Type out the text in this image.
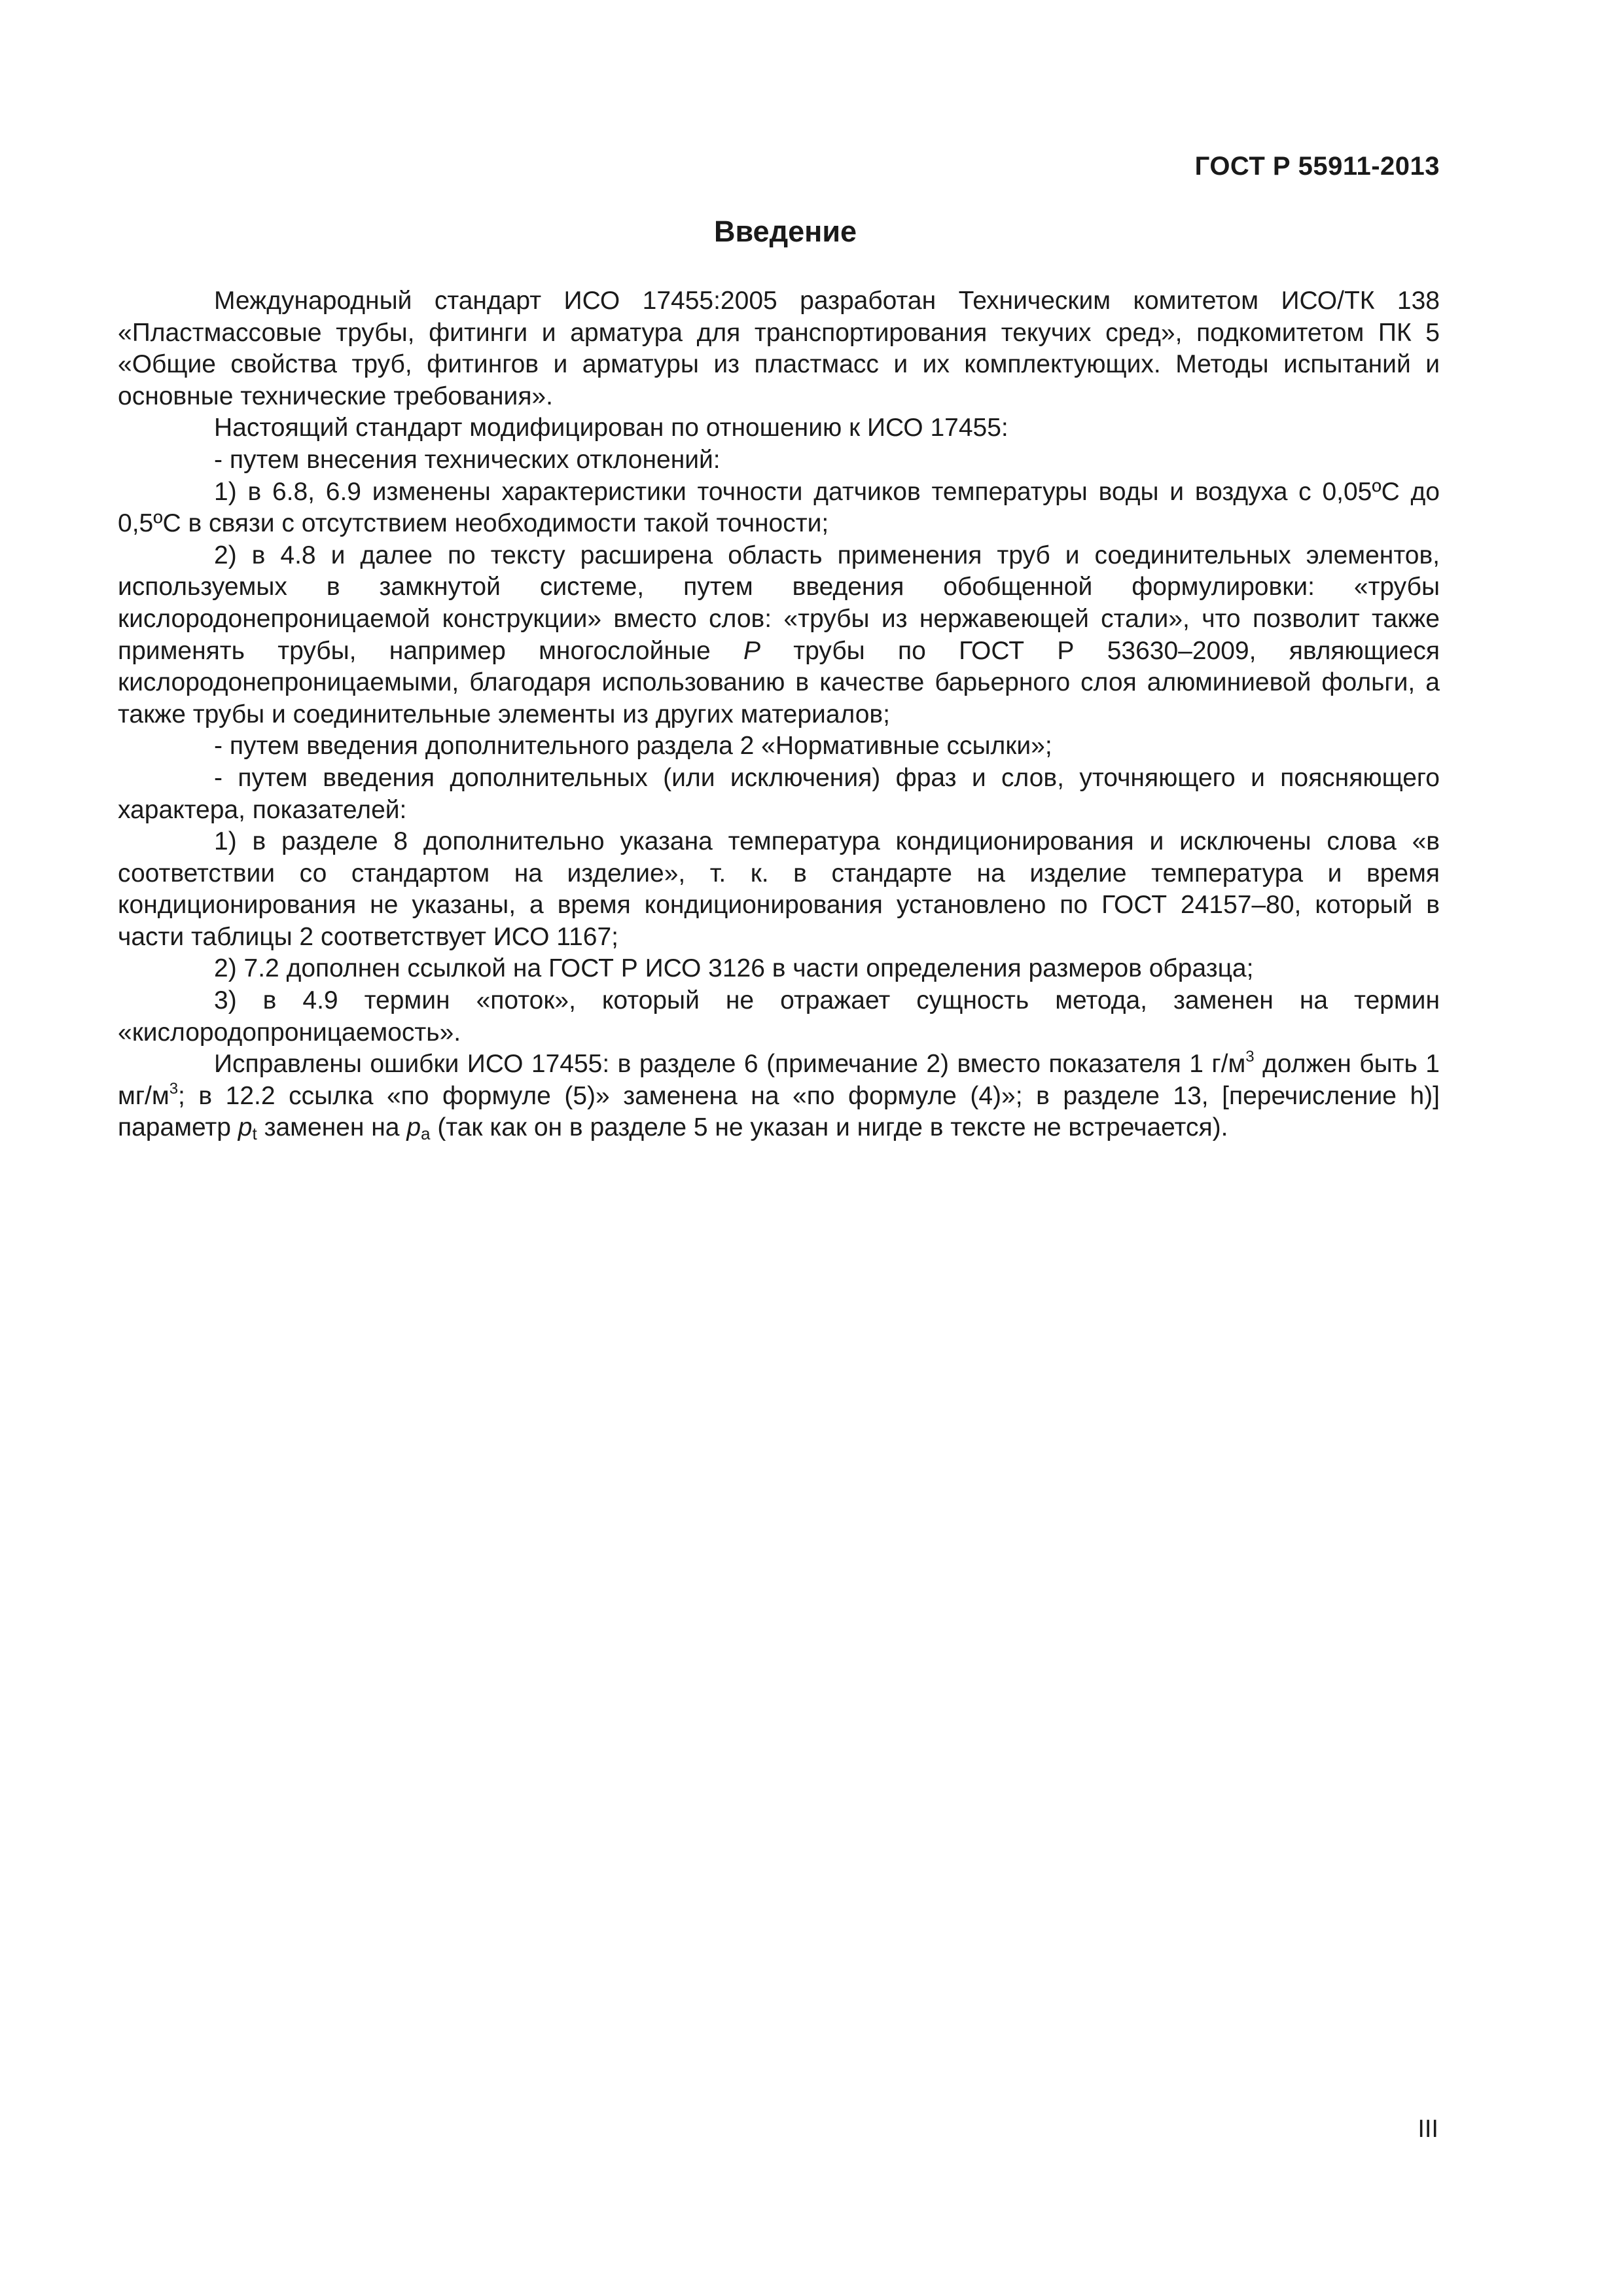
ГОСТ Р 55911-2013
Введение

Международный стандарт ИСО 17455:2005 разработан Техническим комитетом ИСО/ТК 138 «Пластмассовые трубы, фитинги и арматура для транспортирования текучих сред», подкомитетом ПК 5 «Общие свойства труб, фитингов и арматуры из пластмасс и их комплектующих. Методы испытаний и основные технические требования».

Настоящий стандарт модифицирован по отношению к ИСО 17455:

- путем внесения технических отклонений:

1) в 6.8, 6.9 изменены характеристики точности датчиков температуры воды и воздуха с 0,05ºС до 0,5ºС в связи с отсутствием необходимости такой точности;

2) в 4.8 и далее по тексту расширена область применения труб и соединительных элементов, используемых в замкнутой системе, путем введения обобщенной формулировки: «трубы кислородонепроницаемой конструкции» вместо слов: «трубы из нержавеющей стали», что позволит также применять трубы, например многослойные Р трубы по ГОСТ Р 53630–2009, являющиеся кислородонепроницаемыми, благодаря использованию в качестве барьерного слоя алюминиевой фольги, а также трубы и соединительные элементы из других материалов;

- путем введения дополнительного раздела 2 «Нормативные ссылки»;

- путем введения дополнительных (или исключения) фраз и слов, уточняющего и поясняющего характера, показателей:

1) в разделе 8 дополнительно указана температура кондиционирования и исключены слова «в соответствии со стандартом на изделие», т. к. в стандарте на изделие температура и время кондиционирования не указаны, а время кондиционирования установлено по ГОСТ 24157–80, который в части таблицы 2 соответствует ИСО 1167;

2) 7.2 дополнен ссылкой на ГОСТ Р ИСО 3126 в части определения размеров образца;

3) в 4.9 термин «поток», который не отражает сущность метода, заменен на термин «кислородопроницаемость».

Исправлены ошибки ИСО 17455: в разделе 6 (примечание 2) вместо показателя 1 $г/м^3$ должен быть 1 $мг/м^3$; в 12.2 ссылка «по формуле (5)» заменена на «по формуле (4)»; в разделе 13, [перечисление h)] параметр $p_t$ заменен на $p_a$ (так как он в разделе 5 не указан и нигде в тексте не встречается).

III
